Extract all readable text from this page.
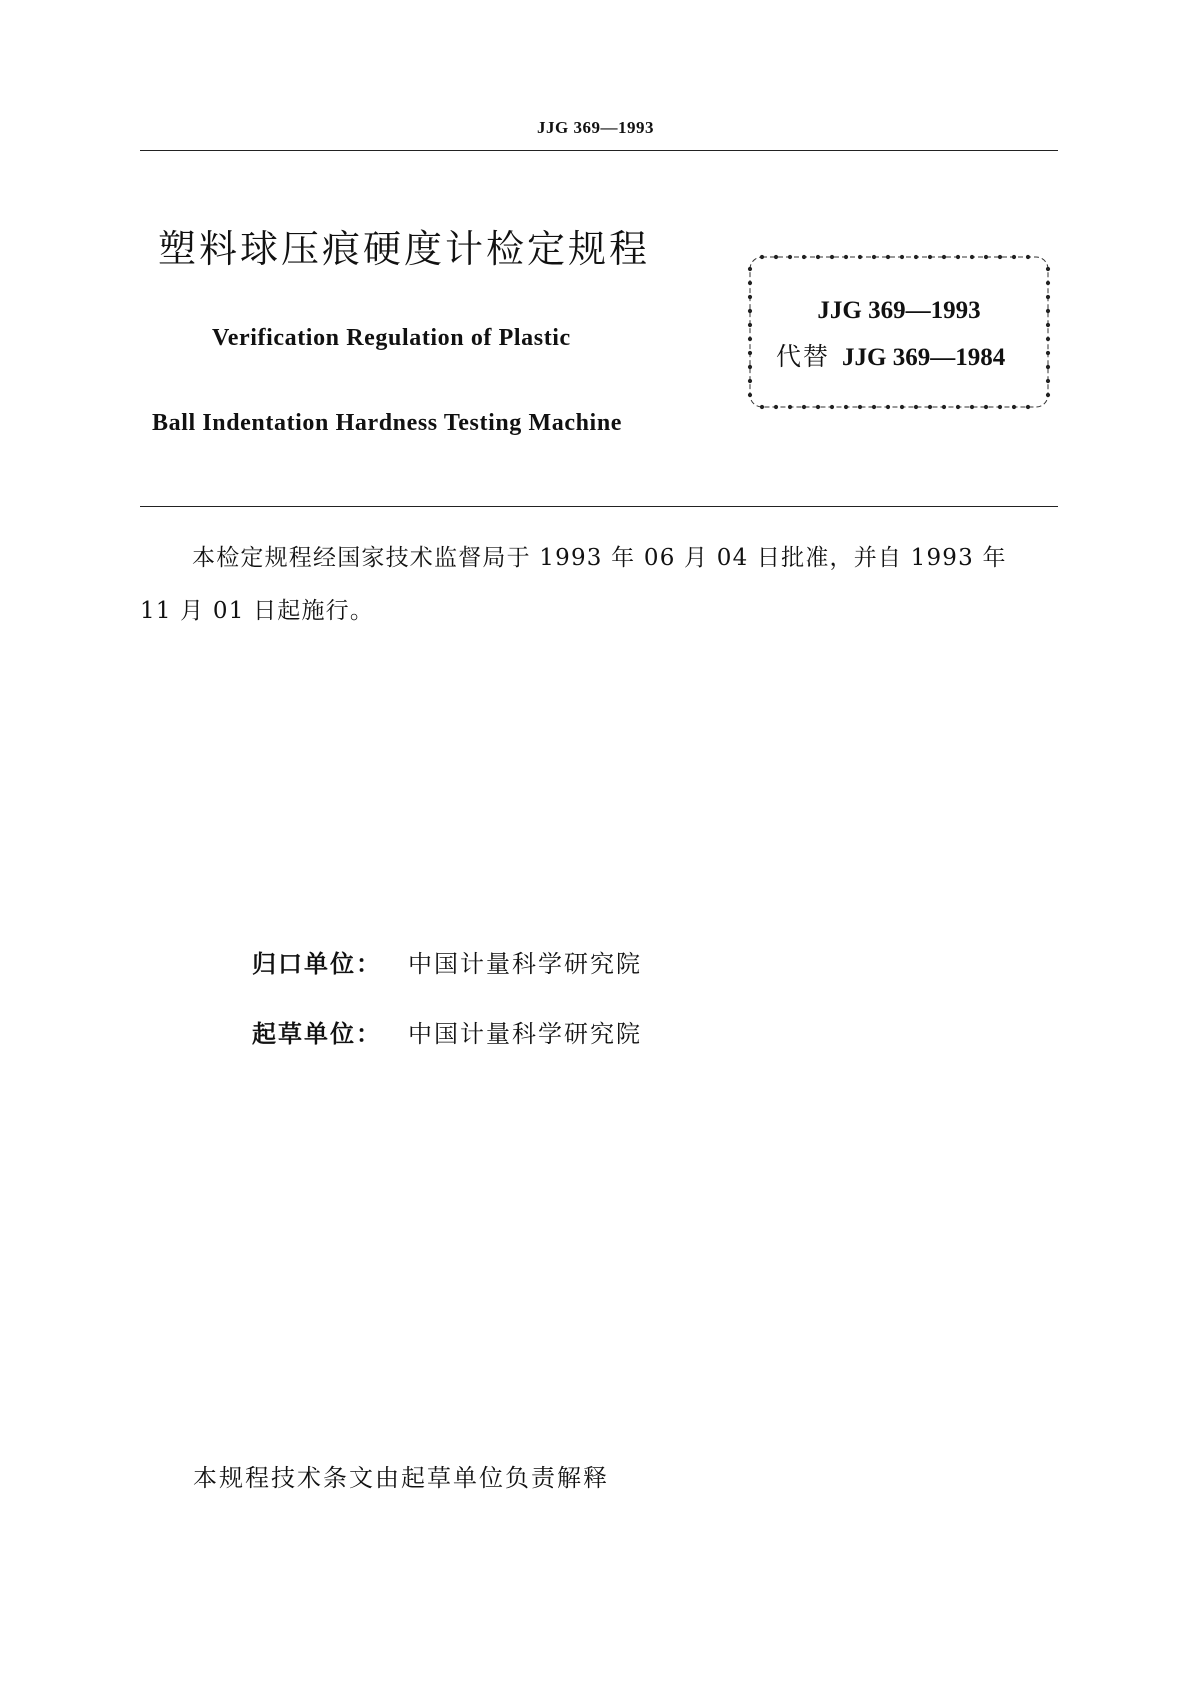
JJG 369—1993
塑料球压痕硬度计检定规程
Verification Regulation of Plastic
Ball Indentation Hardness Testing Machine
JJG 369—1993
代替 JJG 369—1984
本检定规程经国家技术监督局于 1993 年 06 月 04 日批准，并自 1993 年
11 月 01 日起施行。
归口单位： 中国计量科学研究院
起草单位： 中国计量科学研究院
本规程技术条文由起草单位负责解释
